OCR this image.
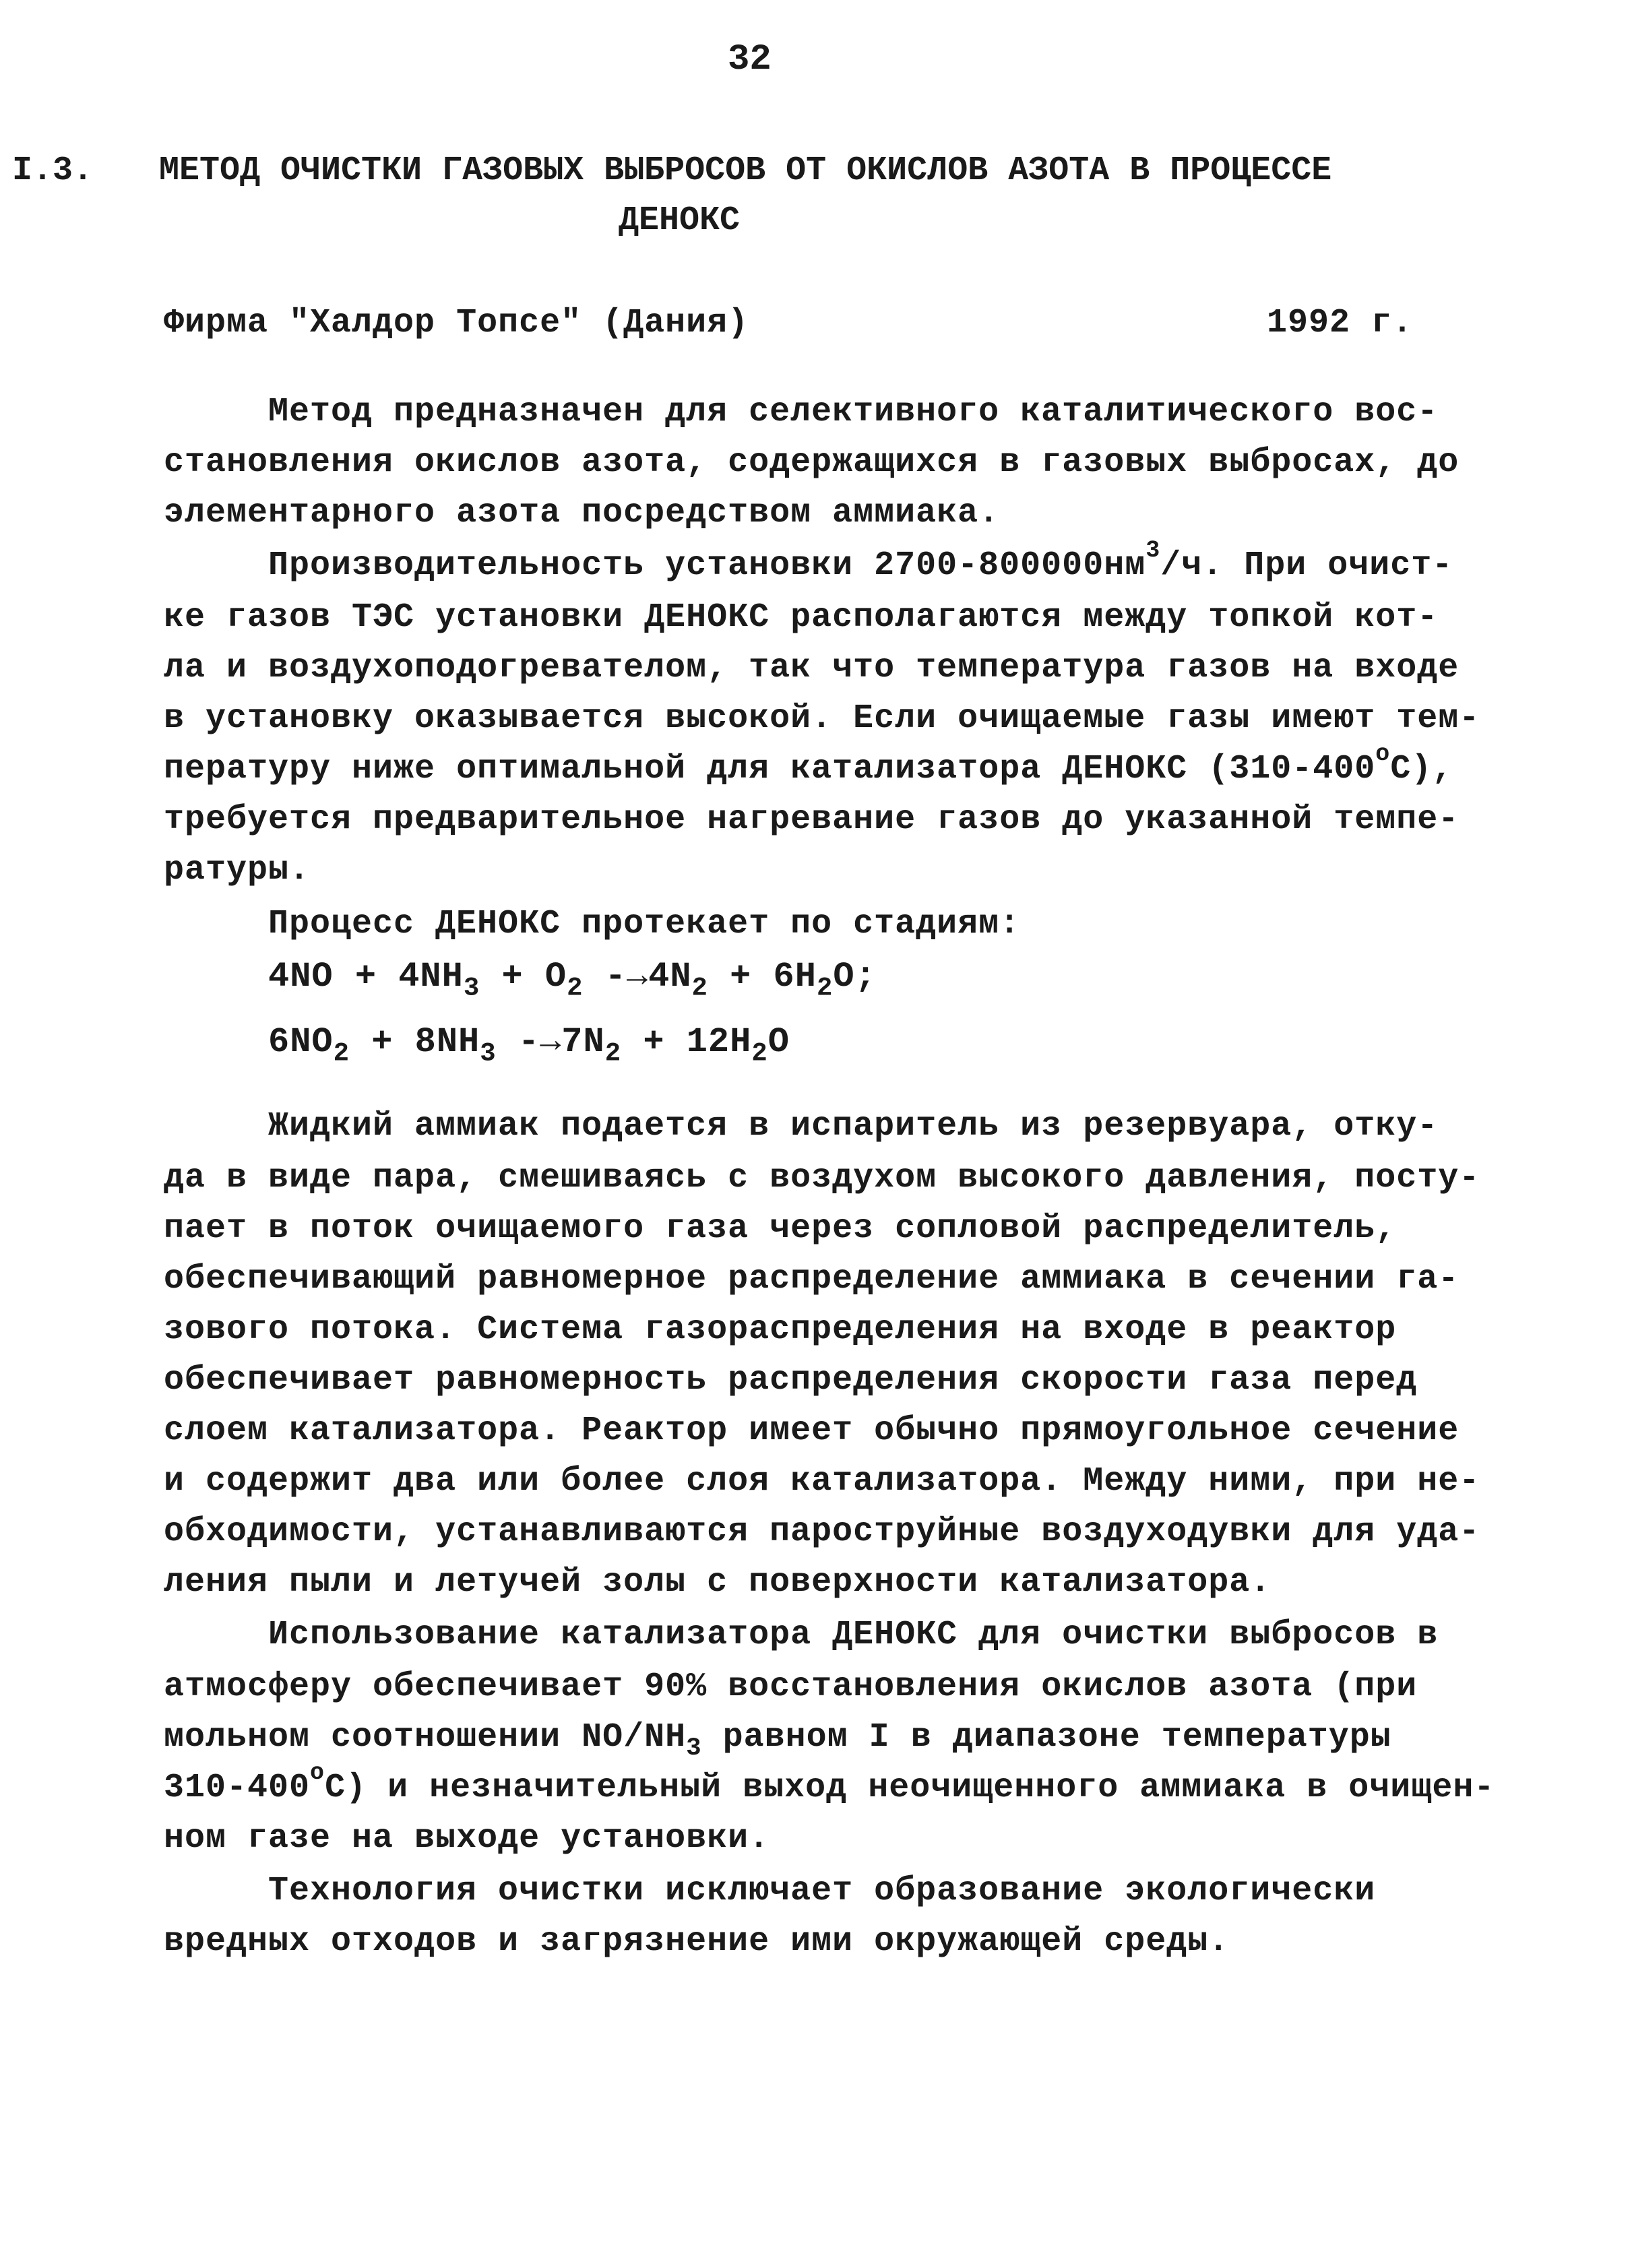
32
I.3. МЕТОД ОЧИСТКИ ГАЗОВЫХ ВЫБРОСОВ ОТ ОКИСЛОВ АЗОТА В ПРОЦЕССЕ
ДЕНОКС
Фирма "Халдор Топсе" (Дания)	1992 г.
Метод предназначен для селективного каталитического вос-
становления окислов азота, содержащихся в газовых выбросах, до
элементарного азота посредством аммиака.
Производительность установки $2700-800000нм^3/ч$. При очист-
ке газов ТЭС установки ДЕНОКС располагаются между топкой кот-
ла и воздухоподогревателом, так что температура газов на входе
в установку оказывается высокой. Если очищаемые газы имеют тем-
пературу ниже оптимальной для катализатора ДЕНОКС $(310-400^оС)$,
требуется предварительное нагревание газов до указанной темпе-
ратуры.
Процесс ДЕНОКС протекает по стадиям:
$4NO + 4NH_3 + O_2$ $-\to 4N_2 + 6H_2O$;
$6NO_2 + 8NH_3$ $-\to 7N_2 + 12H_2O$
Жидкий аммиак подается в испаритель из резервуара, отку-
да в виде пара, смешиваясь с воздухом высокого давления, посту-
пает в поток очищаемого газа через сопловой распределитель,
обеспечивающий равномерное распределение аммиака в сечении га-
зового потока. Система газораспределения на входе в реактор
обеспечивает равномерность распределения скорости газа перед
слоем катализатора. Реактор имеет обычно прямоугольное сечение
и содержит два или более слоя катализатора. Между ними, при не-
обходимости, устанавливаются пароструйные воздуходувки для уда-
ления пыли и летучей золы с поверхности катализатора.
Использование катализатора ДЕНОКС для очистки выбросов в
атмосферу обеспечивает 90% восстановления окислов азота (при
мольном соотношении $NO/NH_3$ равном I в диапазоне температуры
$310-400^оС$) и незначительный выход неочищенного аммиака в очищен-
ном газе на выходе установки.
Технология очистки исключает образование экологически
вредных отходов и загрязнение ими окружающей среды.
